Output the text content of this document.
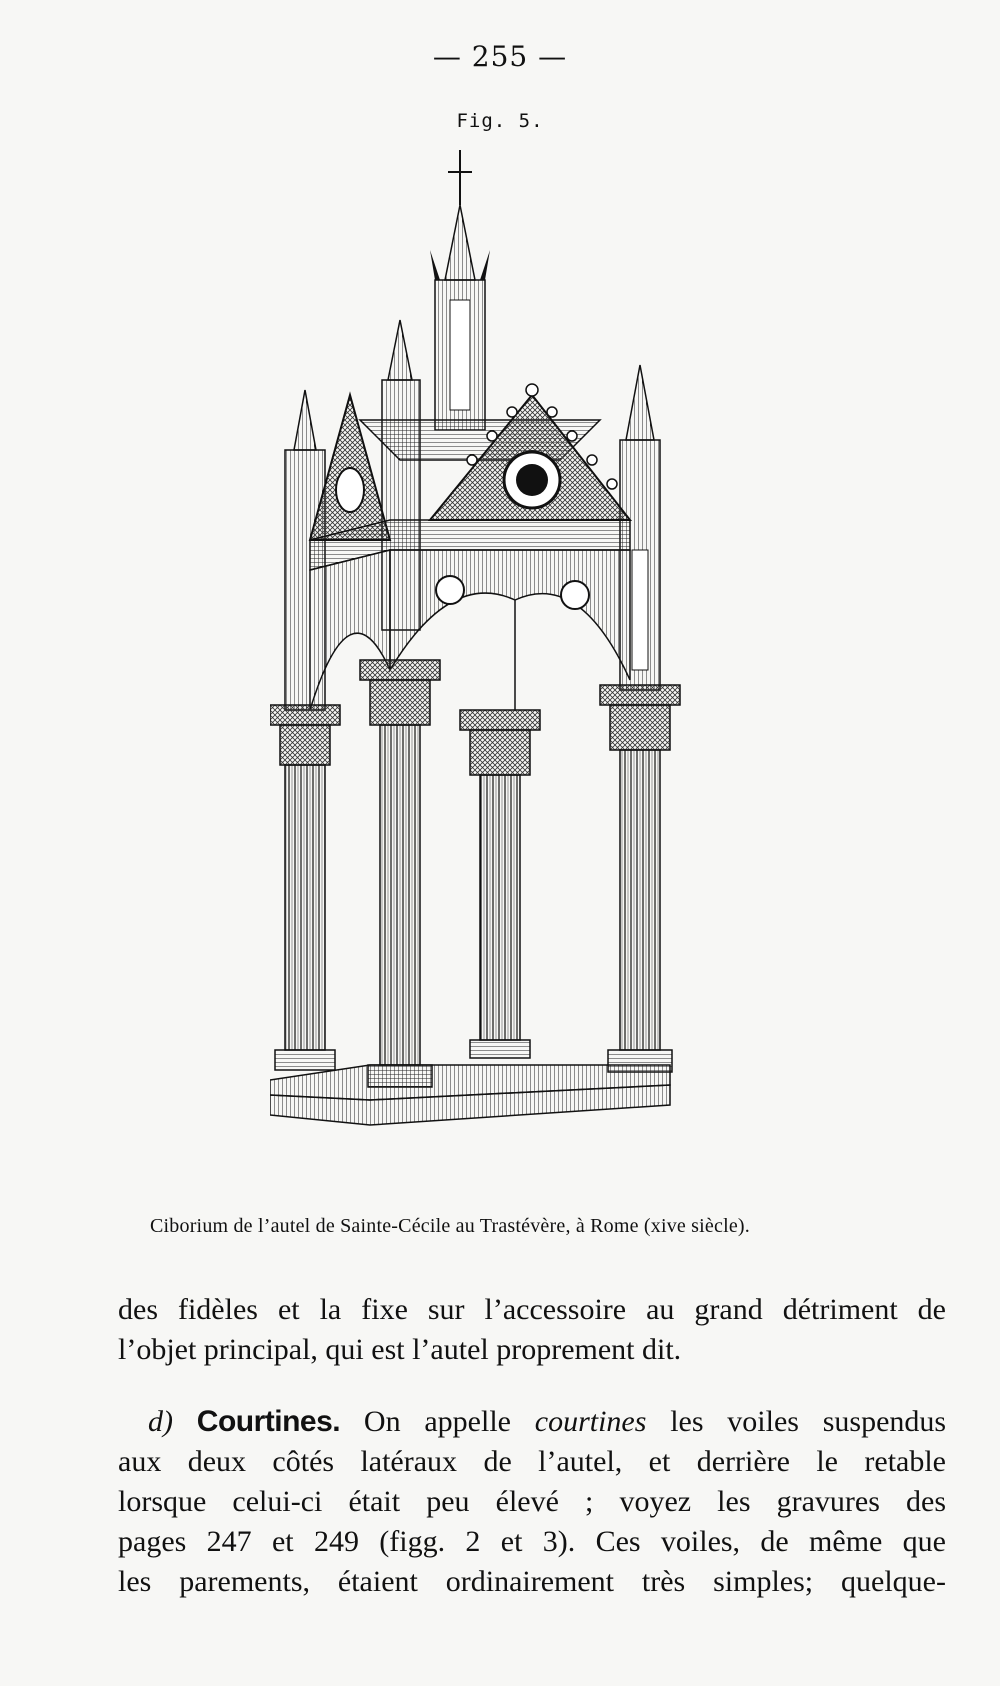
— 255 —
Fig. 5.
Ciborium de l’autel de Sainte-Cécile au Trastévère, à Rome (xive siècle).
des fidèles et la fixe sur l’accessoire au grand détriment de
l’objet principal, qui est l’autel proprement dit.
d) Courtines. On appelle courtines les voiles suspendus
aux deux côtés latéraux de l’autel, et derrière le retable
lorsque celui-ci était peu élevé ; voyez les gravures des
pages 247 et 249 (figg. 2 et 3). Ces voiles, de même que
les parements, étaient ordinairement très simples; quelque-
